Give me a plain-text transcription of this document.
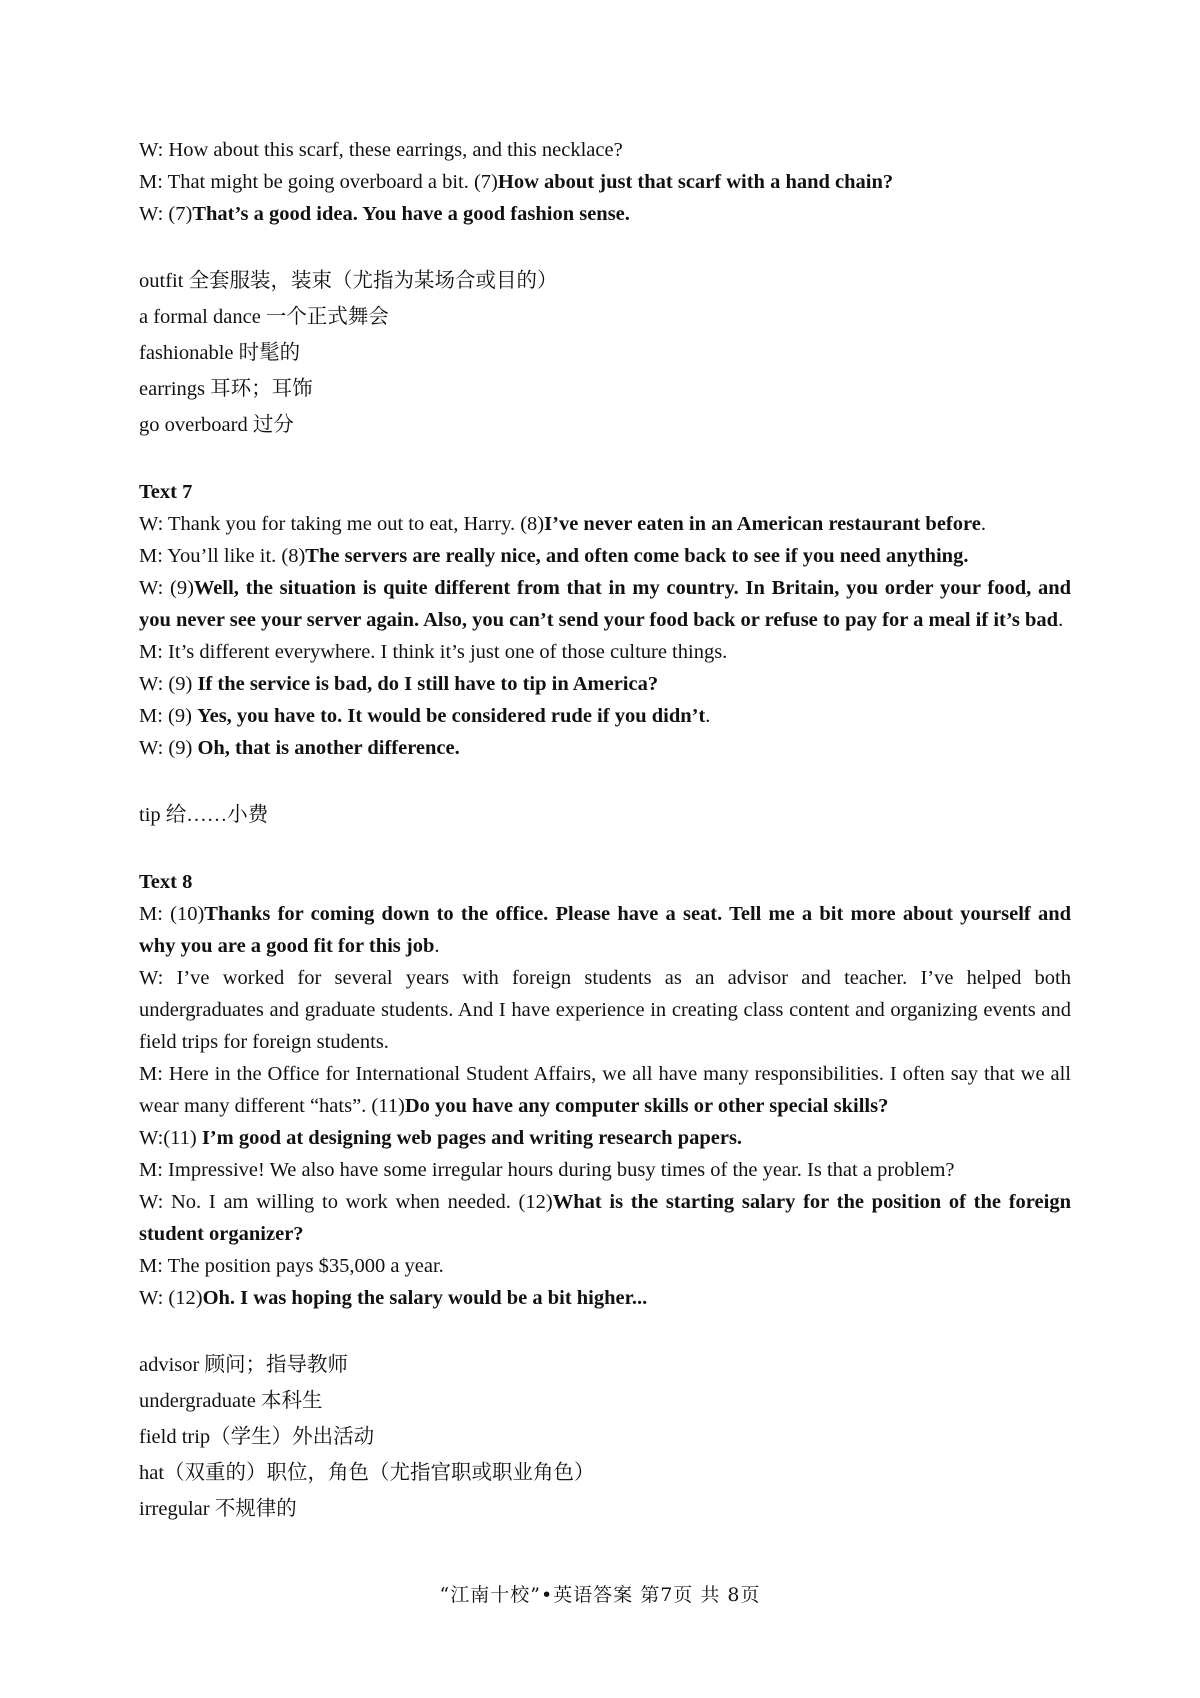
W: How about this scarf, these earrings, and this necklace?
M: That might be going overboard a bit. (7)How about just that scarf with a hand chain?
W: (7)That’s a good idea. You have a good fashion sense.
outfit 全套服装，装束（尤指为某场合或目的）
a formal dance 一个正式舞会
fashionable 时髦的
earrings 耳环；耳饰
go overboard 过分
Text 7
W: Thank you for taking me out to eat, Harry. (8)I’ve never eaten in an American restaurant before.
M: You’ll like it. (8)The servers are really nice, and often come back to see if you need anything.
W: (9)Well, the situation is quite different from that in my country. In Britain, you order your food, and you never see your server again. Also, you can’t send your food back or refuse to pay for a meal if it’s bad.
M: It’s different everywhere. I think it’s just one of those culture things.
W: (9) If the service is bad, do I still have to tip in America?
M: (9) Yes, you have to. It would be considered rude if you didn’t.
W: (9) Oh, that is another difference.
tip 给……小费
Text 8
M: (10)Thanks for coming down to the office. Please have a seat. Tell me a bit more about yourself and why you are a good fit for this job.
W: I’ve worked for several years with foreign students as an advisor and teacher. I’ve helped both undergraduates and graduate students. And I have experience in creating class content and organizing events and field trips for foreign students.
M: Here in the Office for International Student Affairs, we all have many responsibilities. I often say that we all wear many different “hats”. (11)Do you have any computer skills or other special skills?
W:(11) I’m good at designing web pages and writing research papers.
M: Impressive! We also have some irregular hours during busy times of the year. Is that a problem?
W: No. I am willing to work when needed. (12)What is the starting salary for the position of the foreign student organizer?
M: The position pays $35,000 a year.
W: (12)Oh. I was hoping the salary would be a bit higher...
advisor 顾问；指导教师
undergraduate 本科生
field trip（学生）外出活动
hat（双重的）职位，角色（尤指官职或职业角色）
irregular 不规律的
“江南十校”•英语答案 第7页 共 8页
